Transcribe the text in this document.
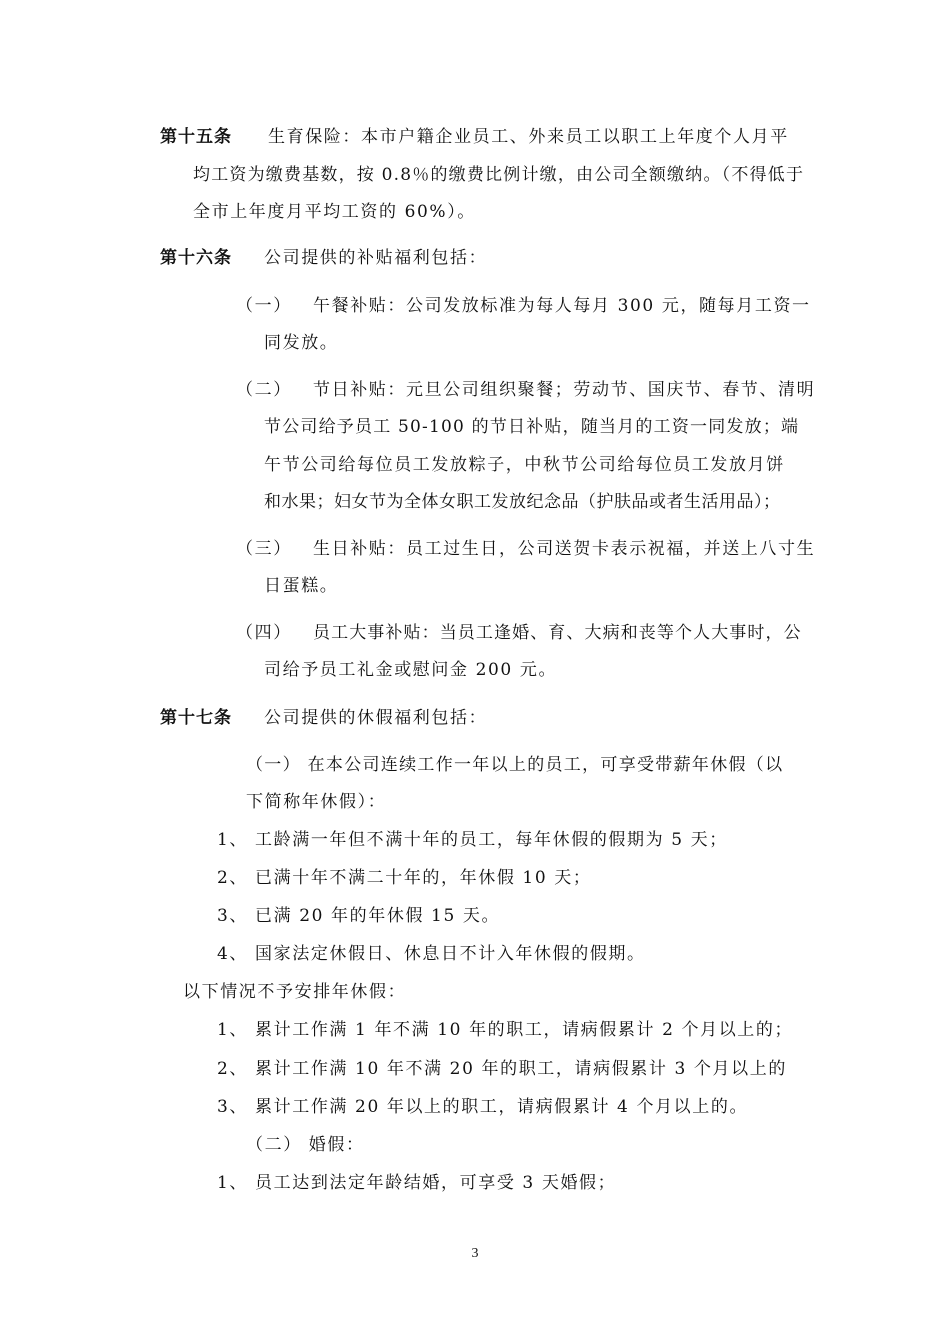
第十五条 生育保险：本市户籍企业员工、外来员工以职工上年度个人月平
均工资为缴费基数，按 0.8％的缴费比例计缴，由公司全额缴纳。（不得低于
全市上年度月平均工资的 60%）。
第十六条 公司提供的补贴福利包括：
（一） 午餐补贴：公司发放标准为每人每月 300 元，随每月工资一
同发放。
（二） 节日补贴：元旦公司组织聚餐；劳动节、国庆节、春节、清明
节公司给予员工 50-100 的节日补贴，随当月的工资一同发放；端
午节公司给每位员工发放粽子，中秋节公司给每位员工发放月饼
和水果；妇女节为全体女职工发放纪念品（护肤品或者生活用品）；
（三） 生日补贴：员工过生日，公司送贺卡表示祝福，并送上八寸生
日蛋糕。
（四） 员工大事补贴：当员工逢婚、育、大病和丧等个人大事时，公
司给予员工礼金或慰问金 200 元。
第十七条 公司提供的休假福利包括：
（一） 在本公司连续工作一年以上的员工，可享受带薪年休假（以
下简称年休假）：
1、 工龄满一年但不满十年的员工，每年休假的假期为 5 天；
2、 已满十年不满二十年的，年休假 10 天；
3、 已满 20 年的年休假 15 天。
4、 国家法定休假日、休息日不计入年休假的假期。
以下情况不予安排年休假：
1、 累计工作满 1 年不满 10 年的职工，请病假累计 2 个月以上的；
2、 累计工作满 10 年不满 20 年的职工，请病假累计 3 个月以上的
3、 累计工作满 20 年以上的职工，请病假累计 4 个月以上的。
（二） 婚假：
1、 员工达到法定年龄结婚，可享受 3 天婚假；
3
